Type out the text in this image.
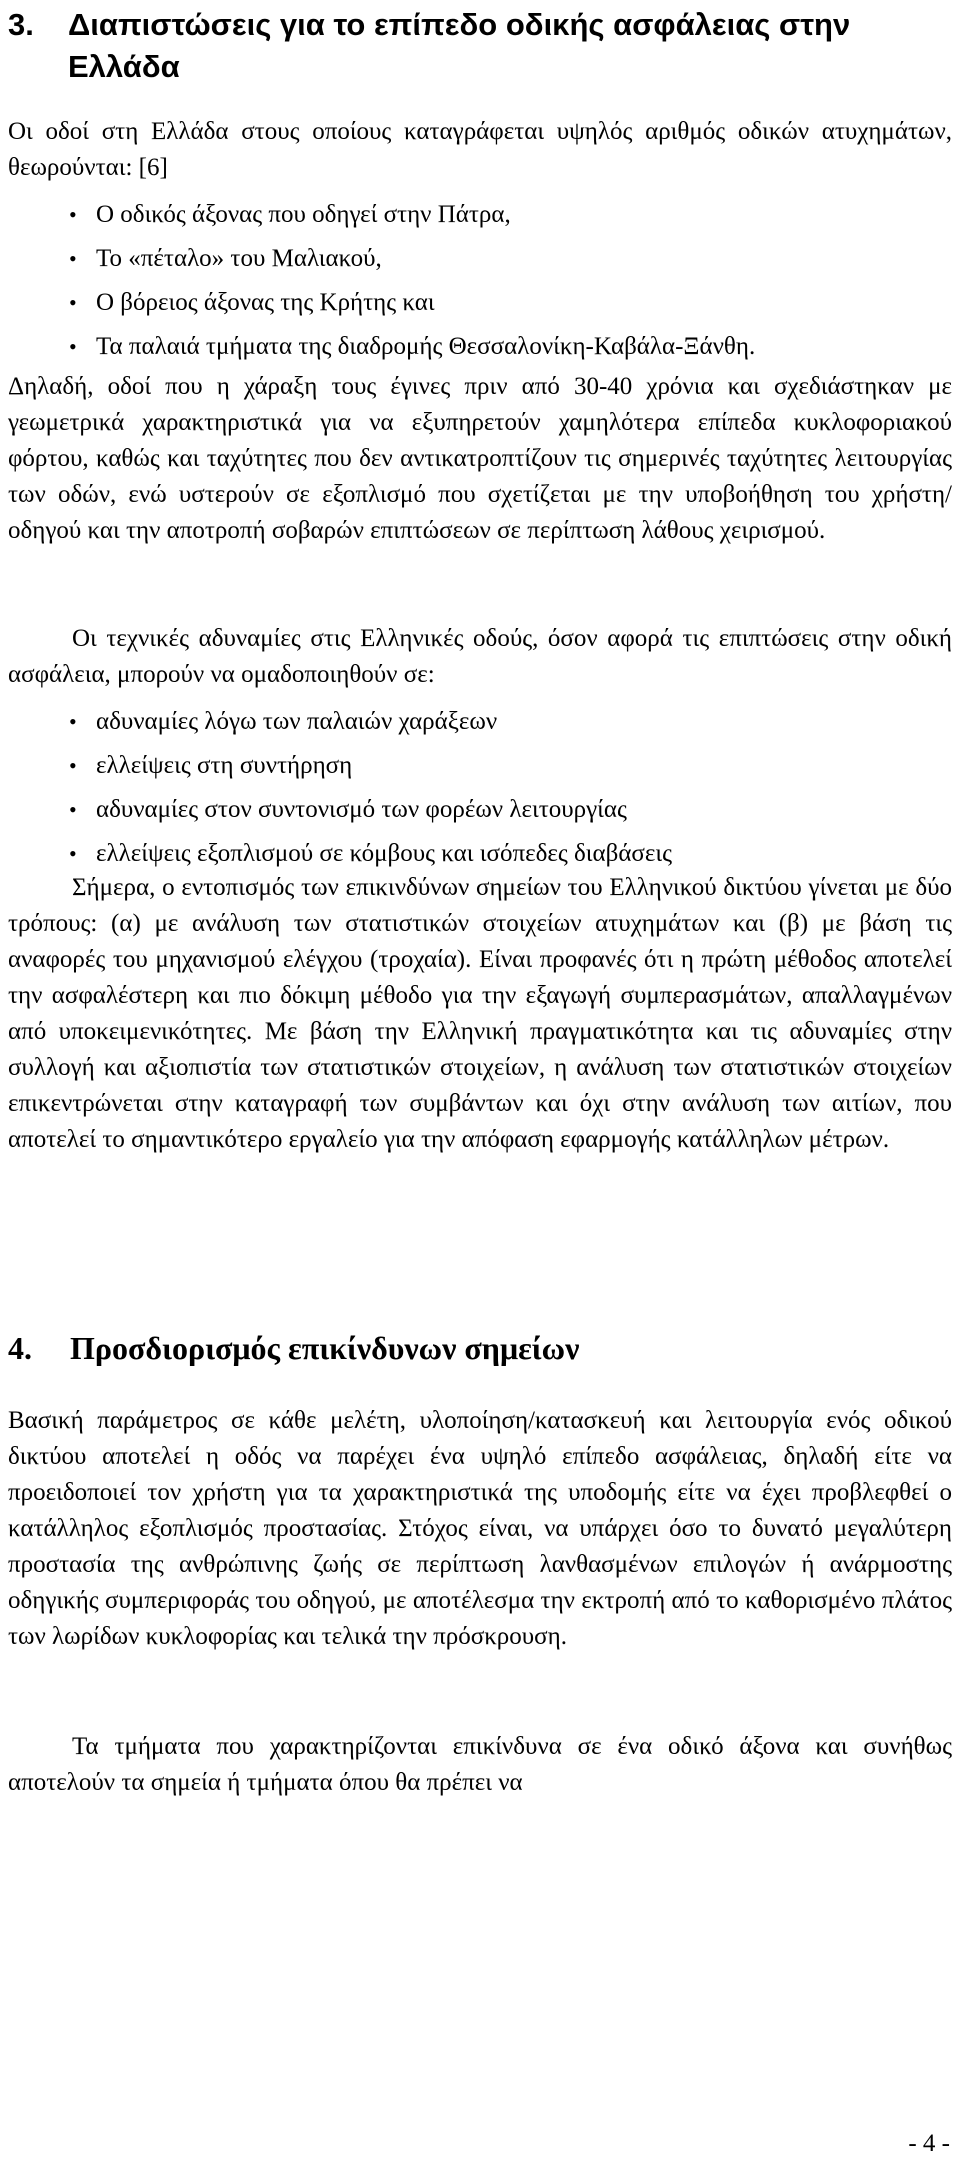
3. Διαπιστώσεις για το επίπεδο οδικής ασφάλειας στην
Ελλάδα

Οι οδοί στη Ελλάδα στους οποίους καταγράφεται υψηλός αριθμός οδικών ατυχημάτων, θεωρούνται: [6]

• Ο οδικός άξονας που οδηγεί στην Πάτρα,
• Το «πέταλο» του Μαλιακού,
• Ο βόρειος άξονας της Κρήτης και
• Τα παλαιά τμήματα της διαδρομής Θεσσαλονίκη-Καβάλα-Ξάνθη.

Δηλαδή, οδοί που η χάραξη τους έγινες πριν από 30-40 χρόνια και σχεδιάστηκαν με γεωμετρικά χαρακτηριστικά για να εξυπηρετούν χαμηλότερα επίπεδα κυκλοφοριακού φόρτου, καθώς και ταχύτητες που δεν αντικατροπτίζουν τις σημερινές ταχύτητες λειτουργίας των οδών, ενώ υστερούν σε εξοπλισμό που σχετίζεται με την υποβοήθηση του χρήστη/οδηγού και την αποτροπή σοβαρών επιπτώσεων σε περίπτωση λάθους χειρισμού.

Οι τεχνικές αδυναμίες στις Ελληνικές οδούς, όσον αφορά τις επιπτώσεις στην οδική ασφάλεια, μπορούν να ομαδοποιηθούν σε:

• αδυναμίες λόγω των παλαιών χαράξεων
• ελλείψεις στη συντήρηση
• αδυναμίες στον συντονισμό των φορέων λειτουργίας
• ελλείψεις εξοπλισμού σε κόμβους και ισόπεδες διαβάσεις

Σήμερα, ο εντοπισμός των επικινδύνων σημείων του Ελληνικού δικτύου γίνεται με δύο τρόπους: (α) με ανάλυση των στατιστικών στοιχείων ατυχημάτων και (β) με βάση τις αναφορές του μηχανισμού ελέγχου (τροχαία). Είναι προφανές ότι η πρώτη μέθοδος αποτελεί την ασφαλέστερη και πιο δόκιμη μέθοδο για την εξαγωγή συμπερασμάτων, απαλλαγμένων από υποκειμενικότητες. Με βάση την Ελληνική πραγματικότητα και τις αδυναμίες στην συλλογή και αξιοπιστία των στατιστικών στοιχείων, η ανάλυση των στατιστικών στοιχείων επικεντρώνεται στην καταγραφή των συμβάντων και όχι στην ανάλυση των αιτίων, που αποτελεί το σημαντικότερο εργαλείο για την απόφαση εφαρμογής κατάλληλων μέτρων.

4. Προσδιορισμός επικίνδυνων σημείων

Βασική παράμετρος σε κάθε μελέτη, υλοποίηση/κατασκευή και λειτουργία ενός οδικού δικτύου αποτελεί η οδός να παρέχει ένα υψηλό επίπεδο ασφάλειας, δηλαδή είτε να προειδοποιεί τον χρήστη για τα χαρακτηριστικά της υποδομής είτε να έχει προβλεφθεί ο κατάλληλος εξοπλισμός προστασίας. Στόχος είναι, να υπάρχει όσο το δυνατό μεγαλύτερη προστασία της ανθρώπινης ζωής σε περίπτωση λανθασμένων επιλογών ή ανάρμοστης οδηγικής συμπεριφοράς του οδηγού, με αποτέλεσμα την εκτροπή από το καθορισμένο πλάτος των λωρίδων κυκλοφορίας και τελικά την πρόσκρουση.

Τα τμήματα που χαρακτηρίζονται επικίνδυνα σε ένα οδικό άξονα και συνήθως αποτελούν τα σημεία ή τμήματα όπου θα πρέπει να

- 4 -
